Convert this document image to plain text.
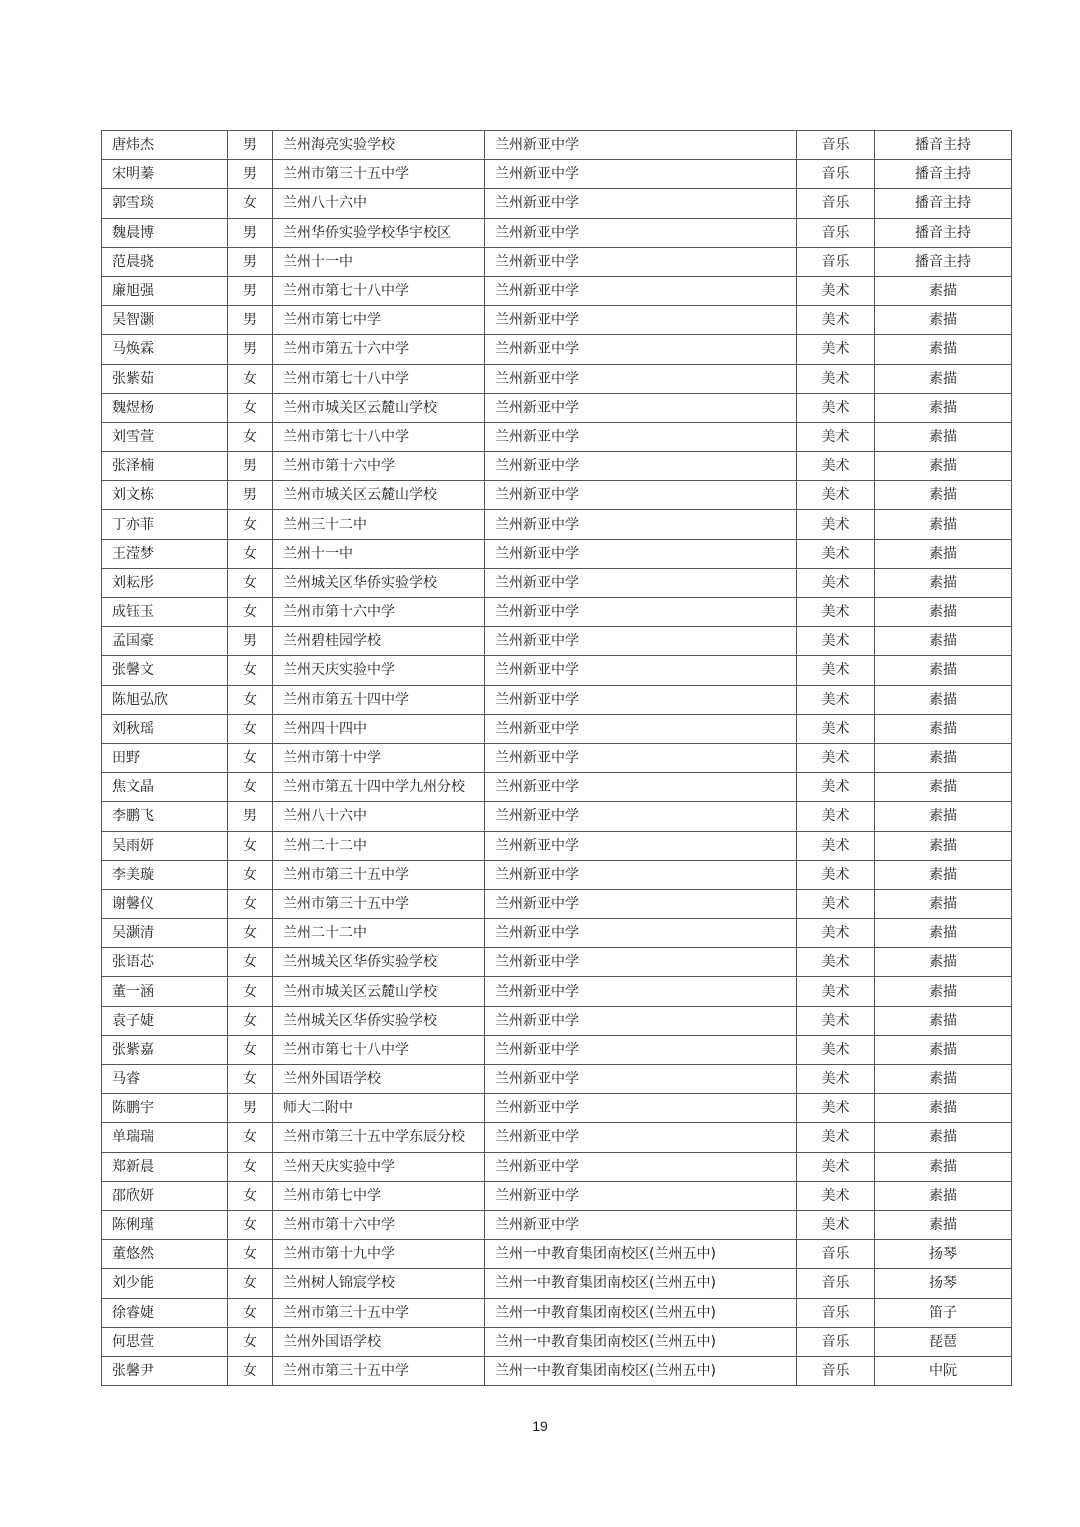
唐炜杰	男	兰州海亮实验学校	兰州新亚中学	音乐	播音主持
宋明蓁	男	兰州市第三十五中学	兰州新亚中学	音乐	播音主持
郭雪琰	女	兰州八十六中	兰州新亚中学	音乐	播音主持
魏晨博	男	兰州华侨实验学校华宇校区	兰州新亚中学	音乐	播音主持
范晨骁	男	兰州十一中	兰州新亚中学	音乐	播音主持
廉旭强	男	兰州市第七十八中学	兰州新亚中学	美术	素描
吴智灏	男	兰州市第七中学	兰州新亚中学	美术	素描
马焕霖	男	兰州市第五十六中学	兰州新亚中学	美术	素描
张紫茹	女	兰州市第七十八中学	兰州新亚中学	美术	素描
魏煜杨	女	兰州市城关区云麓山学校	兰州新亚中学	美术	素描
刘雪萱	女	兰州市第七十八中学	兰州新亚中学	美术	素描
张泽楠	男	兰州市第十六中学	兰州新亚中学	美术	素描
刘文栋	男	兰州市城关区云麓山学校	兰州新亚中学	美术	素描
丁亦菲	女	兰州三十二中	兰州新亚中学	美术	素描
王滢梦	女	兰州十一中	兰州新亚中学	美术	素描
刘耘彤	女	兰州城关区华侨实验学校	兰州新亚中学	美术	素描
成钰玉	女	兰州市第十六中学	兰州新亚中学	美术	素描
孟国豪	男	兰州碧桂园学校	兰州新亚中学	美术	素描
张馨文	女	兰州天庆实验中学	兰州新亚中学	美术	素描
陈旭弘欣	女	兰州市第五十四中学	兰州新亚中学	美术	素描
刘秋瑶	女	兰州四十四中	兰州新亚中学	美术	素描
田野	女	兰州市第十中学	兰州新亚中学	美术	素描
焦文晶	女	兰州市第五十四中学九州分校	兰州新亚中学	美术	素描
李鹏飞	男	兰州八十六中	兰州新亚中学	美术	素描
吴雨妍	女	兰州二十二中	兰州新亚中学	美术	素描
李美璇	女	兰州市第三十五中学	兰州新亚中学	美术	素描
谢馨仪	女	兰州市第三十五中学	兰州新亚中学	美术	素描
吴灏清	女	兰州二十二中	兰州新亚中学	美术	素描
张语芯	女	兰州城关区华侨实验学校	兰州新亚中学	美术	素描
董一涵	女	兰州市城关区云麓山学校	兰州新亚中学	美术	素描
袁子婕	女	兰州城关区华侨实验学校	兰州新亚中学	美术	素描
张紫嘉	女	兰州市第七十八中学	兰州新亚中学	美术	素描
马睿	女	兰州外国语学校	兰州新亚中学	美术	素描
陈鹏宇	男	师大二附中	兰州新亚中学	美术	素描
单瑞瑞	女	兰州市第三十五中学东辰分校	兰州新亚中学	美术	素描
郑新晨	女	兰州天庆实验中学	兰州新亚中学	美术	素描
邵欣妍	女	兰州市第七中学	兰州新亚中学	美术	素描
陈俐瑾	女	兰州市第十六中学	兰州新亚中学	美术	素描
董悠然	女	兰州市第十九中学	兰州一中教育集团南校区(兰州五中)	音乐	扬琴
刘少能	女	兰州树人锦宸学校	兰州一中教育集团南校区(兰州五中)	音乐	扬琴
徐睿婕	女	兰州市第三十五中学	兰州一中教育集团南校区(兰州五中)	音乐	笛子
何思萱	女	兰州外国语学校	兰州一中教育集团南校区(兰州五中)	音乐	琵琶
张馨尹	女	兰州市第三十五中学	兰州一中教育集团南校区(兰州五中)	音乐	中阮
19
